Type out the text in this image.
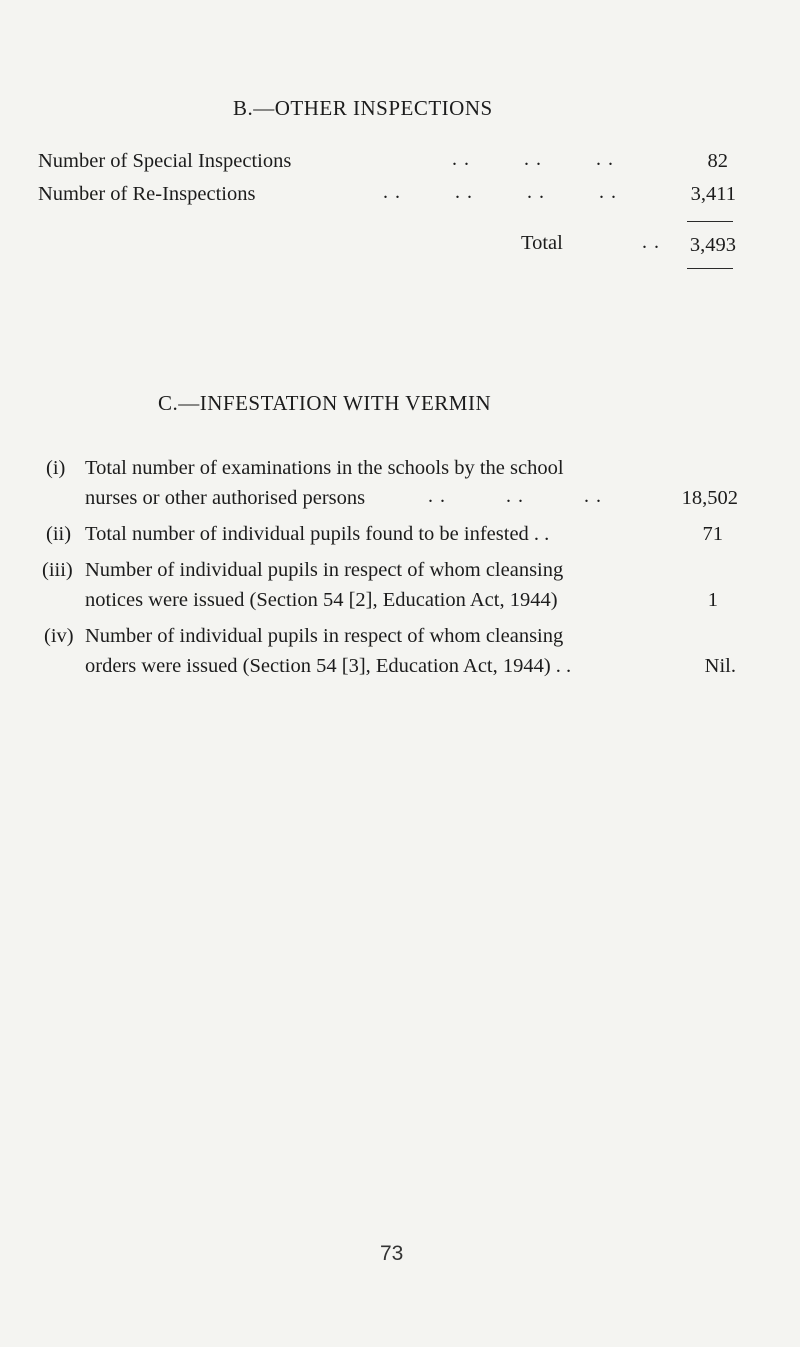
B.—OTHER INSPECTIONS
Number of Special Inspections	. .         . .         . .	82
Number of Re-Inspections	. .         . .         . .         . .	3,411
Total	. . 3,493
C.—INFESTATION WITH VERMIN
(i) Total number of examinations in the schools by the school
nurses or other authorised persons	. .          . .          . .	18,502
(ii) Total number of individual pupils found to be infested . .	71
(iii) Number of individual pupils in respect of whom cleansing
notices were issued (Section 54 [2], Education Act, 1944)	1
(iv) Number of individual pupils in respect of whom cleansing
orders were issued (Section 54 [3], Education Act, 1944) . .	Nil.
73
